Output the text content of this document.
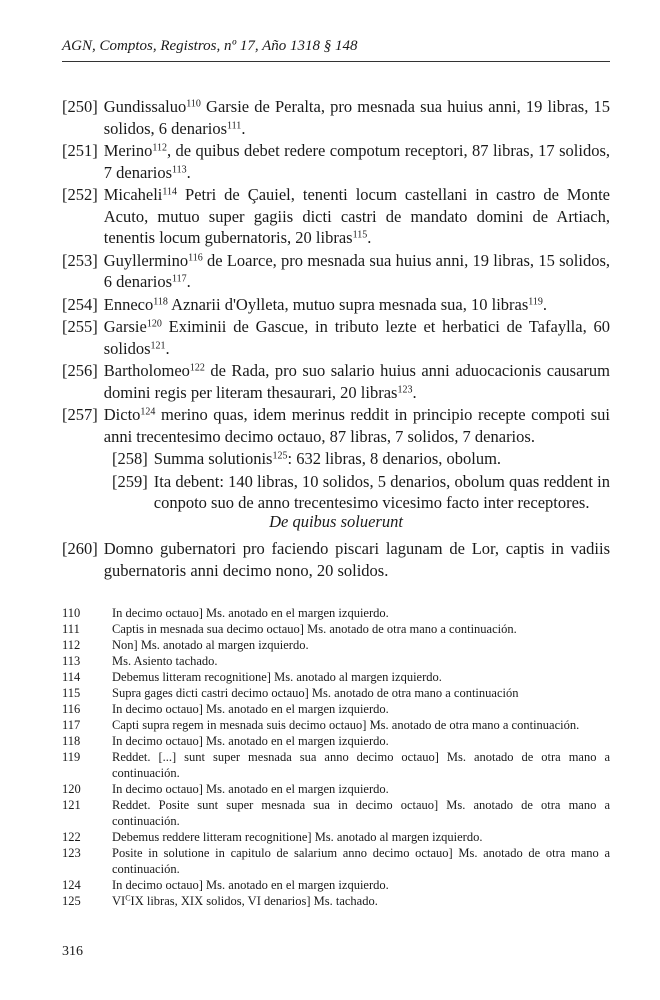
AGN, Comptos, Registros, nº 17, Año 1318 § 148
[250] Gundissaluo$^{110}$ Garsie de Peralta, pro mesnada sua huius anni, 19 libras, 15 solidos, 6 denarios$^{111}$.
[251] Merino$^{112}$, de quibus debet redere compotum receptori, 87 libras, 17 solidos, 7 denarios$^{113}$.
[252] Micaheli$^{114}$ Petri de Çauiel, tenenti locum castellani in castro de Monte Acuto, mutuo super gagiis dicti castri de mandato domini de Artiach, tenentis locum gubernatoris, 20 libras$^{115}$.
[253] Guyllermino$^{116}$ de Loarce, pro mesnada sua huius anni, 19 libras, 15 solidos, 6 denarios$^{117}$.
[254] Enneco$^{118}$ Aznarii d'Oylleta, mutuo supra mesnada sua, 10 libras$^{119}$.
[255] Garsie$^{120}$ Eximinii de Gascue, in tributo lezte et herbatici de Tafaylla, 60 solidos$^{121}$.
[256] Bartholomeo$^{122}$ de Rada, pro suo salario huius anni aduocacionis causarum domini regis per literam thesaurari, 20 libras$^{123}$.
[257] Dicto$^{124}$ merino quas, idem merinus reddit in principio recepte compoti sui anni trecentesimo decimo octauo, 87 libras, 7 solidos, 7 denarios.
[258] Summa solutionis$^{125}$: 632 libras, 8 denarios, obolum.
[259] Ita debent: 140 libras, 10 solidos, 5 denarios, obolum quas reddent in conpoto suo de anno trecentesimo vicesimo facto inter receptores.
De quibus soluerunt
[260] Domno gubernatori pro faciendo piscari lagunam de Lor, captis in vadiis gubernatoris anni decimo nono, 20 solidos.
110	In decimo octauo] Ms. anotado en el margen izquierdo.
111	Captis in mesnada sua decimo octauo] Ms. anotado de otra mano a continuación.
112	Non] Ms. anotado al margen izquierdo.
113	Ms. Asiento tachado.
114	Debemus litteram recognitione] Ms. anotado al margen izquierdo.
115	Supra gages dicti castri decimo octauo] Ms. anotado de otra mano a continuación
116	In decimo octauo] Ms. anotado en el margen izquierdo.
117	Capti supra regem in mesnada suis decimo octauo] Ms. anotado de otra mano a continuación.
118	In decimo octauo] Ms. anotado en el margen izquierdo.
119	Reddet. [...] sunt super mesnada sua anno decimo octauo] Ms. anotado de otra mano a continuación.
120	In decimo octauo] Ms. anotado en el margen izquierdo.
121	Reddet. Posite sunt super mesnada sua in decimo octauo] Ms. anotado de otra mano a continuación.
122	Debemus reddere litteram recognitione] Ms. anotado al margen izquierdo.
123	Posite in solutione in capitulo de salarium anno decimo octauo] Ms. anotado de otra mano a continuación.
124	In decimo octauo] Ms. anotado en el margen izquierdo.
125	$VI^CIX$ libras, XIX solidos, VI denarios] Ms. tachado.
316
